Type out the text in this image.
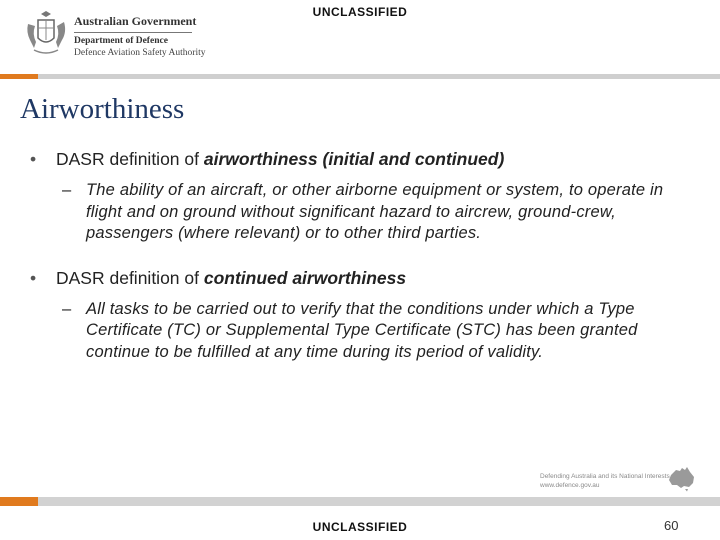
UNCLASSIFIED
Australian Government
Department of Defence
Defence Aviation Safety Authority
Airworthiness
• DASR definition of airworthiness (initial and continued)
– The ability of an aircraft, or other airborne equipment or system, to operate in flight and on ground without significant hazard to aircrew, ground-crew, passengers (where relevant) or to other third parties.
• DASR definition of continued airworthiness
– All tasks to be carried out to verify that the conditions under which a Type Certificate (TC) or Supplemental Type Certificate (STC) has been granted continue to be fulfilled at any time during its period of validity.
Defending Australia and its National Interests
www.defence.gov.au
UNCLASSIFIED	60
